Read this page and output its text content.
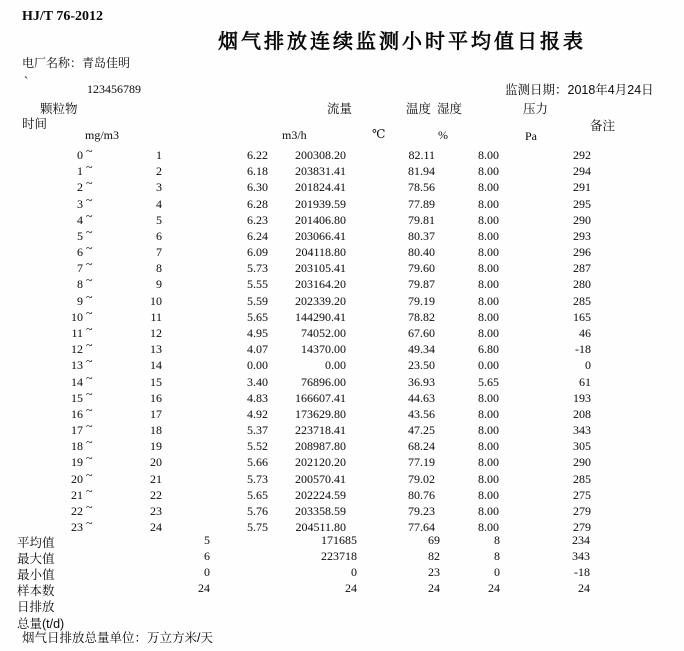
HJ/T 76-2012
烟气排放连续监测小时平均值日报表
电厂名称：青岛佳明
`	123456789	监测日期：2018年4月24日
颗粒物
时间
流量	温度 湿度	压力
备注
mg/m3	m3/h	℃	%	Pa
0 ~	1	6.22	200308.20	82.11	8.00	292
1 ~	2	6.18	203831.41	81.94	8.00	294
2 ~	3	6.30	201824.41	78.56	8.00	291
3 ~	4	6.28	201939.59	77.89	8.00	295
4 ~	5	6.23	201406.80	79.81	8.00	290
5 ~	6	6.24	203066.41	80.37	8.00	293
6 ~	7	6.09	204118.80	80.40	8.00	296
7 ~	8	5.73	203105.41	79.60	8.00	287
8 ~	9	5.55	203164.20	79.87	8.00	280
9 ~	10	5.59	202339.20	79.19	8.00	285
10 ~	11	5.65	144290.41	78.82	8.00	165
11 ~	12	4.95	74052.00	67.60	8.00	46
12 ~	13	4.07	14370.00	49.34	6.80	-18
13 ~	14	0.00	0.00	23.50	0.00	0
14 ~	15	3.40	76896.00	36.93	5.65	61
15 ~	16	4.83	166607.41	44.63	8.00	193
16 ~	17	4.92	173629.80	43.56	8.00	208
17 ~	18	5.37	223718.41	47.25	8.00	343
18 ~	19	5.52	208987.80	68.24	8.00	305
19 ~	20	5.66	202120.20	77.19	8.00	290
20 ~	21	5.73	200570.41	79.02	8.00	285
21 ~	22	5.65	202224.59	80.76	8.00	275
22 ~	23	5.76	203358.59	79.23	8.00	279
23 ~	24	5.75	204511.80	77.64	8.00	279
平均值	5	171685	69	8	234
最大值	6	223718	82	8	343
最小值	0	0	23	0	-18
样本数	24	24	24	24	24
日排放
总量(t/d)
烟气日排放总量单位：万立方米/天
